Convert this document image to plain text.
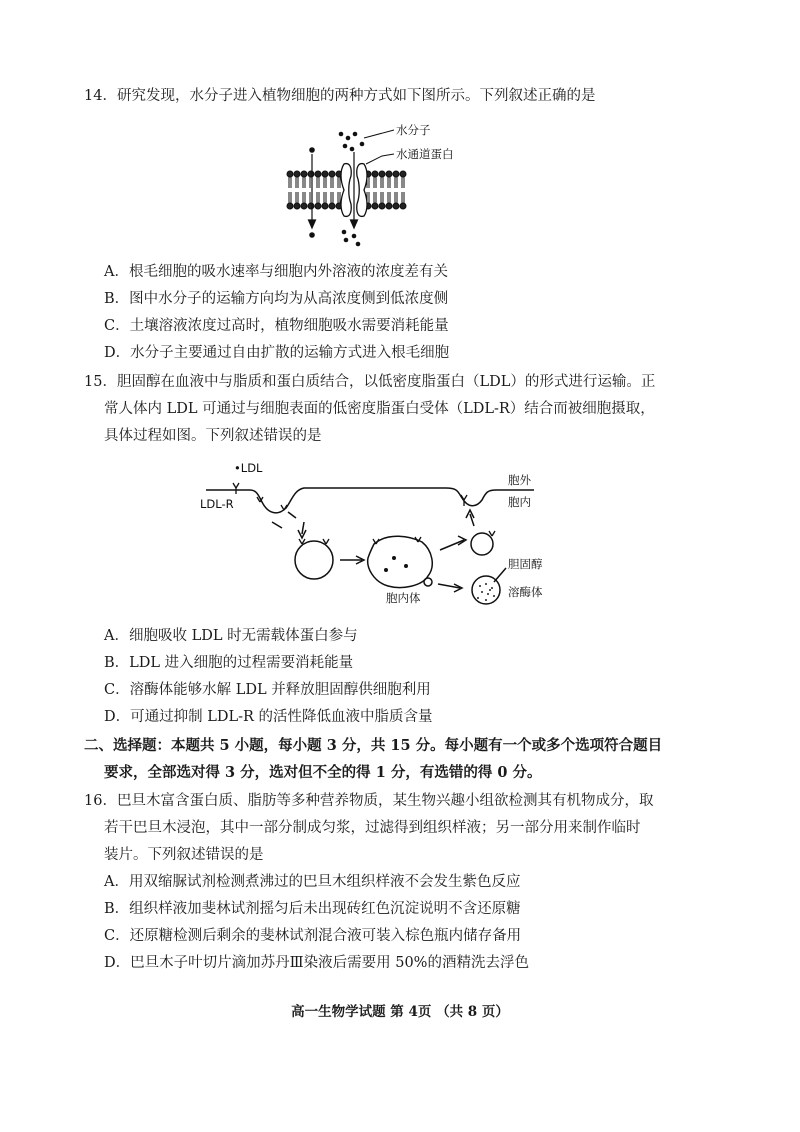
14．研究发现，水分子进入植物细胞的两种方式如下图所示。下列叙述正确的是
水分子
水通道蛋白
A．根毛细胞的吸水速率与细胞内外溶液的浓度差有关
B．图中水分子的运输方向均为从高浓度侧到低浓度侧
C．土壤溶液浓度过高时，植物细胞吸水需要消耗能量
D．水分子主要通过自由扩散的运输方式进入根毛细胞
15．胆固醇在血液中与脂质和蛋白质结合，以低密度脂蛋白（LDL）的形式进行运输。正
常人体内 LDL 可通过与细胞表面的低密度脂蛋白受体（LDL-R）结合而被细胞摄取，
具体过程如图。下列叙述错误的是
•LDL
LDL-R
胞外
胞内
胞内体
胆固醇
溶酶体
A．细胞吸收 LDL 时无需载体蛋白参与
B．LDL 进入细胞的过程需要消耗能量
C．溶酶体能够水解 LDL 并释放胆固醇供细胞利用
D．可通过抑制 LDL-R 的活性降低血液中脂质含量
二、选择题：本题共 5 小题，每小题 3 分，共 15 分。每小题有一个或多个选项符合题目
要求，全部选对得 3 分，选对但不全的得 1 分，有选错的得 0 分。
16．巴旦木富含蛋白质、脂肪等多种营养物质，某生物兴趣小组欲检测其有机物成分，取
若干巴旦木浸泡，其中一部分制成匀浆，过滤得到组织样液；另一部分用来制作临时
装片。下列叙述错误的是
A．用双缩脲试剂检测煮沸过的巴旦木组织样液不会发生紫色反应
B．组织样液加斐林试剂摇匀后未出现砖红色沉淀说明不含还原糖
C．还原糖检测后剩余的斐林试剂混合液可装入棕色瓶内储存备用
D．巴旦木子叶切片滴加苏丹Ⅲ染液后需要用 50%的酒精洗去浮色
高一生物学试题 第 4页 （共 8 页）
